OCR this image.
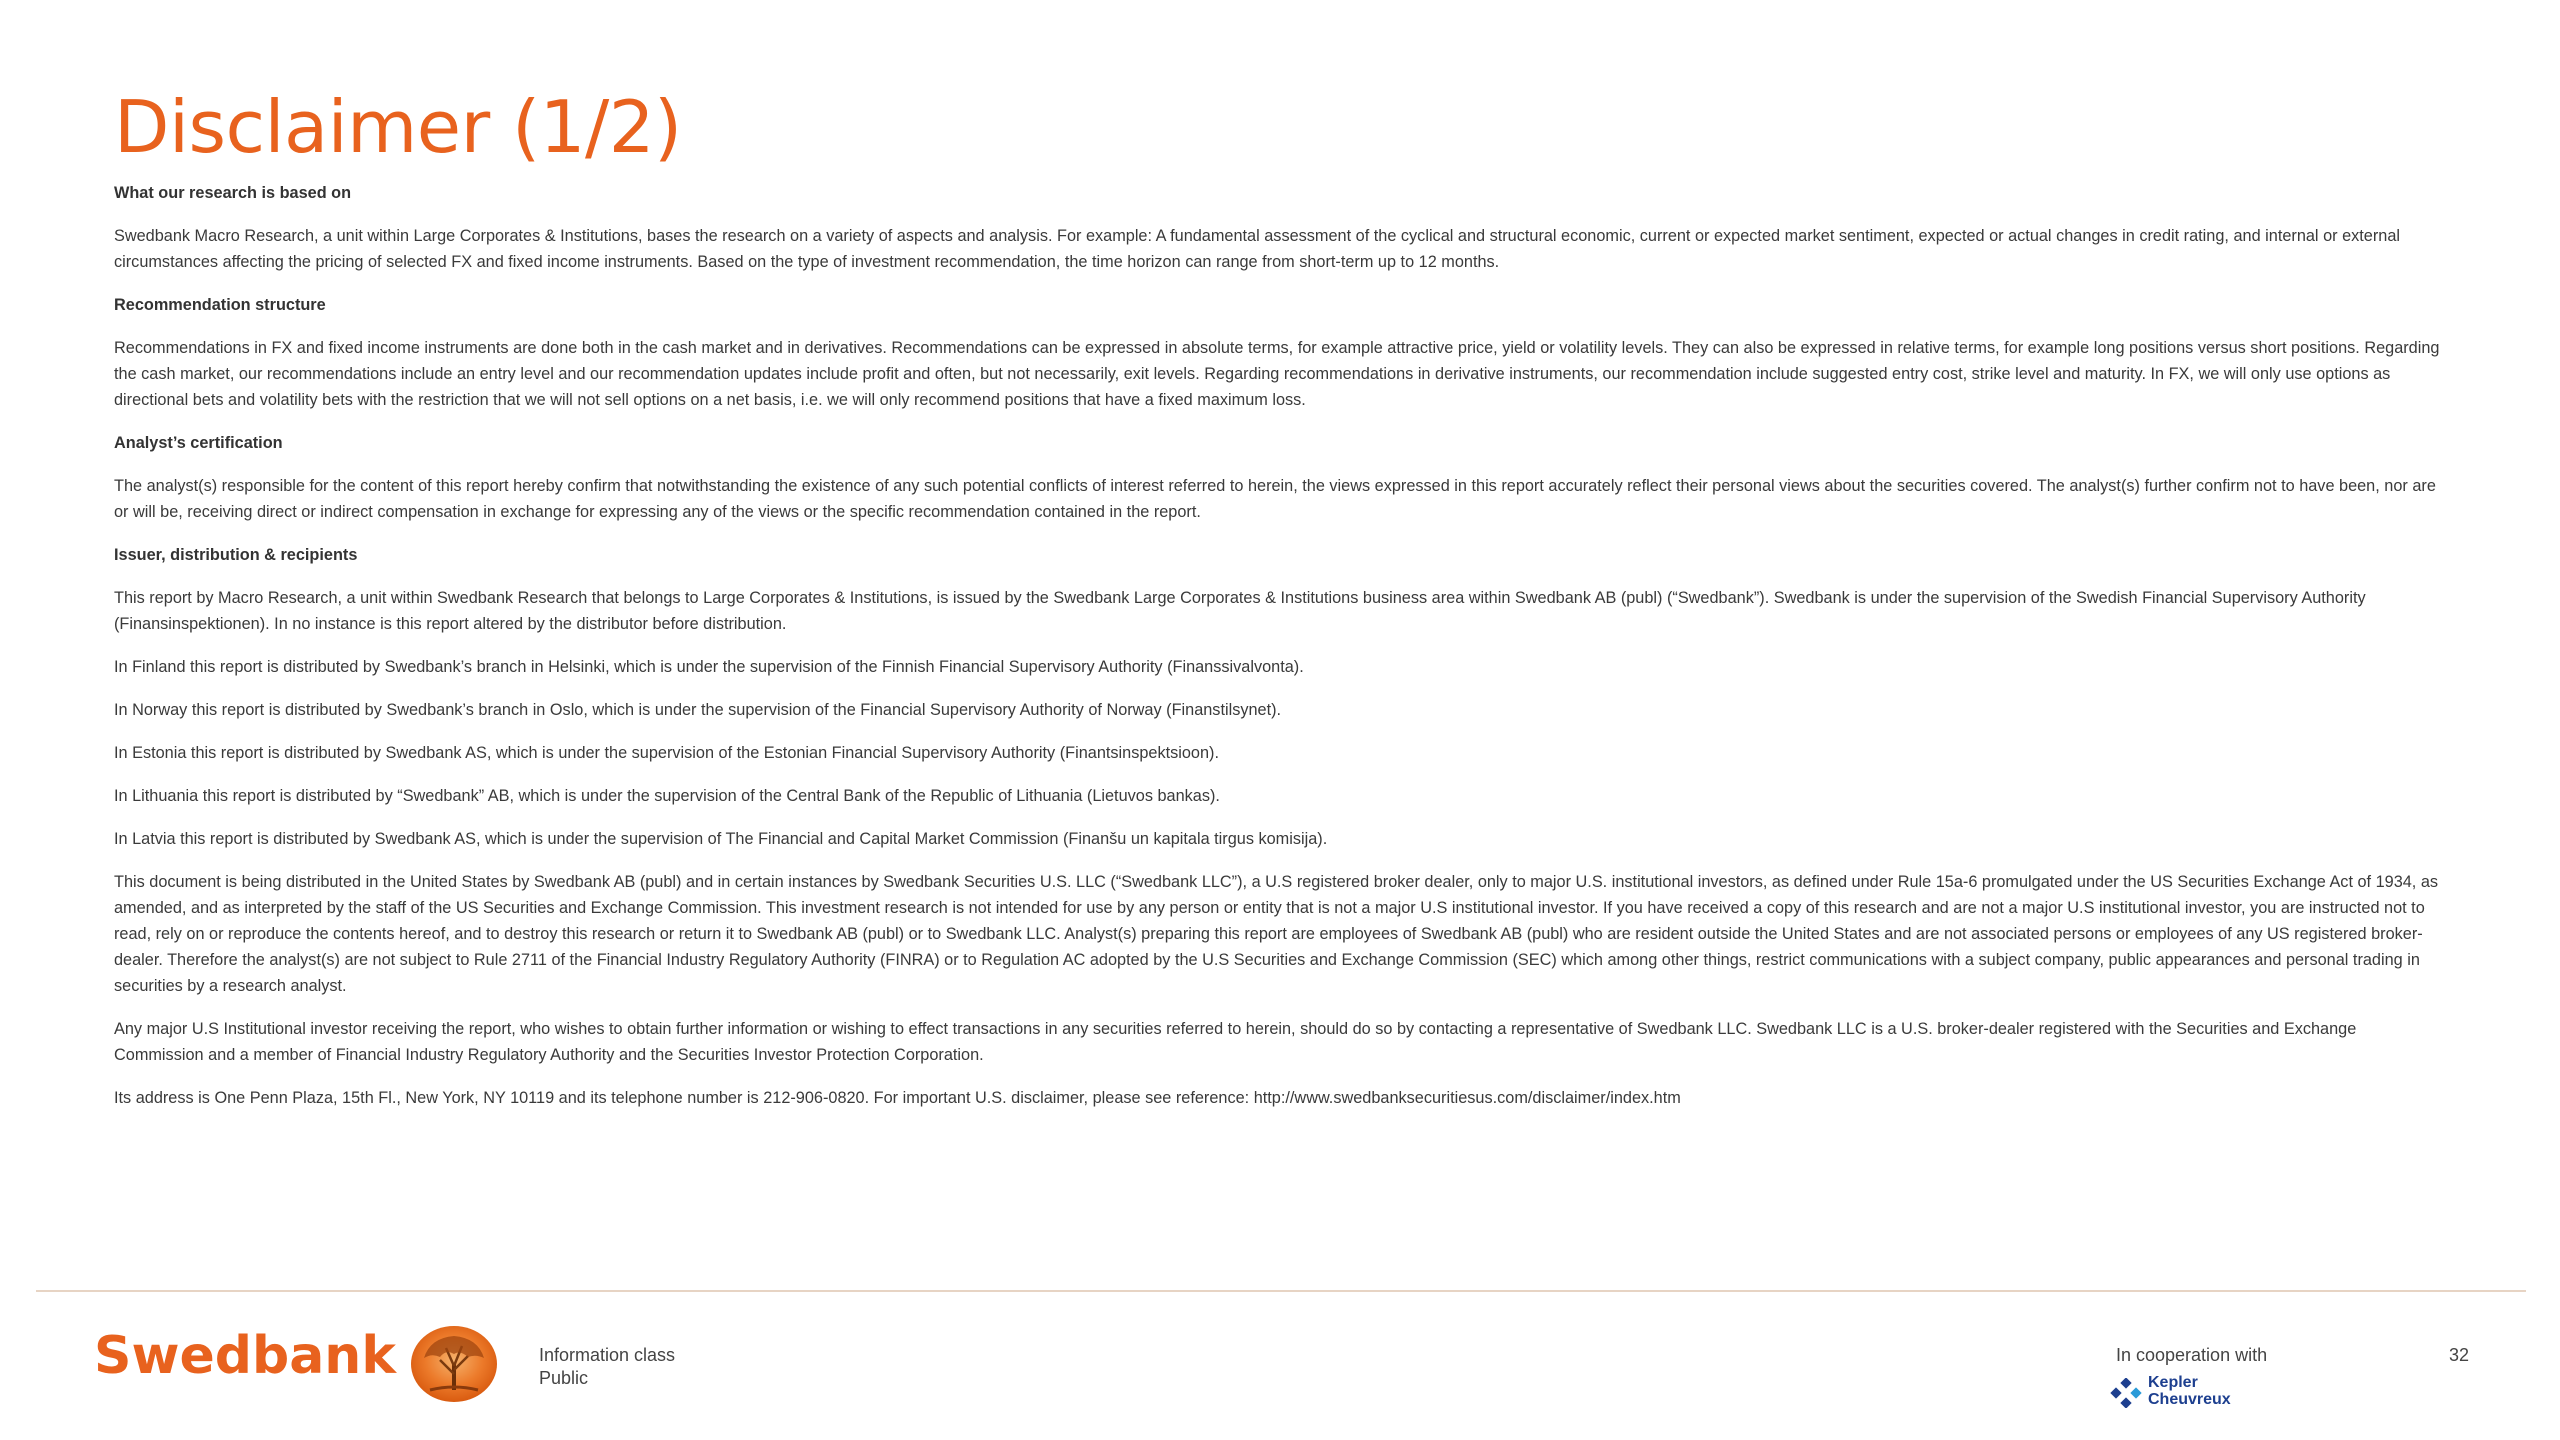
Disclaimer (1/2)

What our research is based on

Swedbank Macro Research, a unit within Large Corporates & Institutions, bases the research on a variety of aspects and analysis. For example: A fundamental assessment of the cyclical and structural economic, current or expected market sentiment, expected or actual changes in credit rating, and internal or external circumstances affecting the pricing of selected FX and fixed income instruments. Based on the type of investment recommendation, the time horizon can range from short-term up to 12 months.

Recommendation structure

Recommendations in FX and fixed income instruments are done both in the cash market and in derivatives. Recommendations can be expressed in absolute terms, for example attractive price, yield or volatility levels. They can also be expressed in relative terms, for example long positions versus short positions. Regarding the cash market, our recommendations include an entry level and our recommendation updates include profit and often, but not necessarily, exit levels. Regarding recommendations in derivative instruments, our recommendation include suggested entry cost, strike level and maturity. In FX, we will only use options as directional bets and volatility bets with the restriction that we will not sell options on a net basis, i.e. we will only recommend positions that have a fixed maximum loss.

Analyst’s certification

The analyst(s) responsible for the content of this report hereby confirm that notwithstanding the existence of any such potential conflicts of interest referred to herein, the views expressed in this report accurately reflect their personal views about the securities covered. The analyst(s) further confirm not to have been, nor are or will be, receiving direct or indirect compensation in exchange for expressing any of the views or the specific recommendation contained in the report.

Issuer, distribution & recipients

This report by Macro Research, a unit within Swedbank Research that belongs to Large Corporates & Institutions, is issued by the Swedbank Large Corporates & Institutions business area within Swedbank AB (publ) (“Swedbank”). Swedbank is under the supervision of the Swedish Financial Supervisory Authority (Finansinspektionen). In no instance is this report altered by the distributor before distribution.

In Finland this report is distributed by Swedbank’s branch in Helsinki, which is under the supervision of the Finnish Financial Supervisory Authority (Finanssivalvonta).

In Norway this report is distributed by Swedbank’s branch in Oslo, which is under the supervision of the Financial Supervisory Authority of Norway (Finanstilsynet).

In Estonia this report is distributed by Swedbank AS, which is under the supervision of the Estonian Financial Supervisory Authority (Finantsinspektsioon).

In Lithuania this report is distributed by “Swedbank” AB, which is under the supervision of the Central Bank of the Republic of Lithuania (Lietuvos bankas).

In Latvia this report is distributed by Swedbank AS, which is under the supervision of The Financial and Capital Market Commission (Finanšu un kapitala tirgus komisija).

This document is being distributed in the United States by Swedbank AB (publ) and in certain instances by Swedbank Securities U.S. LLC (“Swedbank LLC”), a U.S registered broker dealer, only to major U.S. institutional investors, as defined under Rule 15a-6 promulgated under the US Securities Exchange Act of 1934, as amended, and as interpreted by the staff of the US Securities and Exchange Commission. This investment research is not intended for use by any person or entity that is not a major U.S institutional investor. If you have received a copy of this research and are not a major U.S institutional investor, you are instructed not to read, rely on or reproduce the contents hereof, and to destroy this research or return it to Swedbank AB (publ) or to Swedbank LLC. Analyst(s) preparing this report are employees of Swedbank AB (publ) who are resident outside the United States and are not associated persons or employees of any US registered broker-dealer. Therefore the analyst(s) are not subject to Rule 2711 of the Financial Industry Regulatory Authority (FINRA) or to Regulation AC adopted by the U.S Securities and Exchange Commission (SEC) which among other things, restrict communications with a subject company, public appearances and personal trading in securities by a research analyst.

Any major U.S Institutional investor receiving the report, who wishes to obtain further information or wishing to effect transactions in any securities referred to herein, should do so by contacting a representative of Swedbank LLC. Swedbank LLC is a U.S. broker-dealer registered with the Securities and Exchange Commission and a member of Financial Industry Regulatory Authority and the Securities Investor Protection Corporation.

Its address is One Penn Plaza, 15th Fl., New York, NY 10119 and its telephone number is 212-906-0820. For important U.S. disclaimer, please see reference: http://www.swedbanksecuritiesus.com/disclaimer/index.htm

Swedbank	Information class
Public
In cooperation with
Kepler
Cheuvreux
32
